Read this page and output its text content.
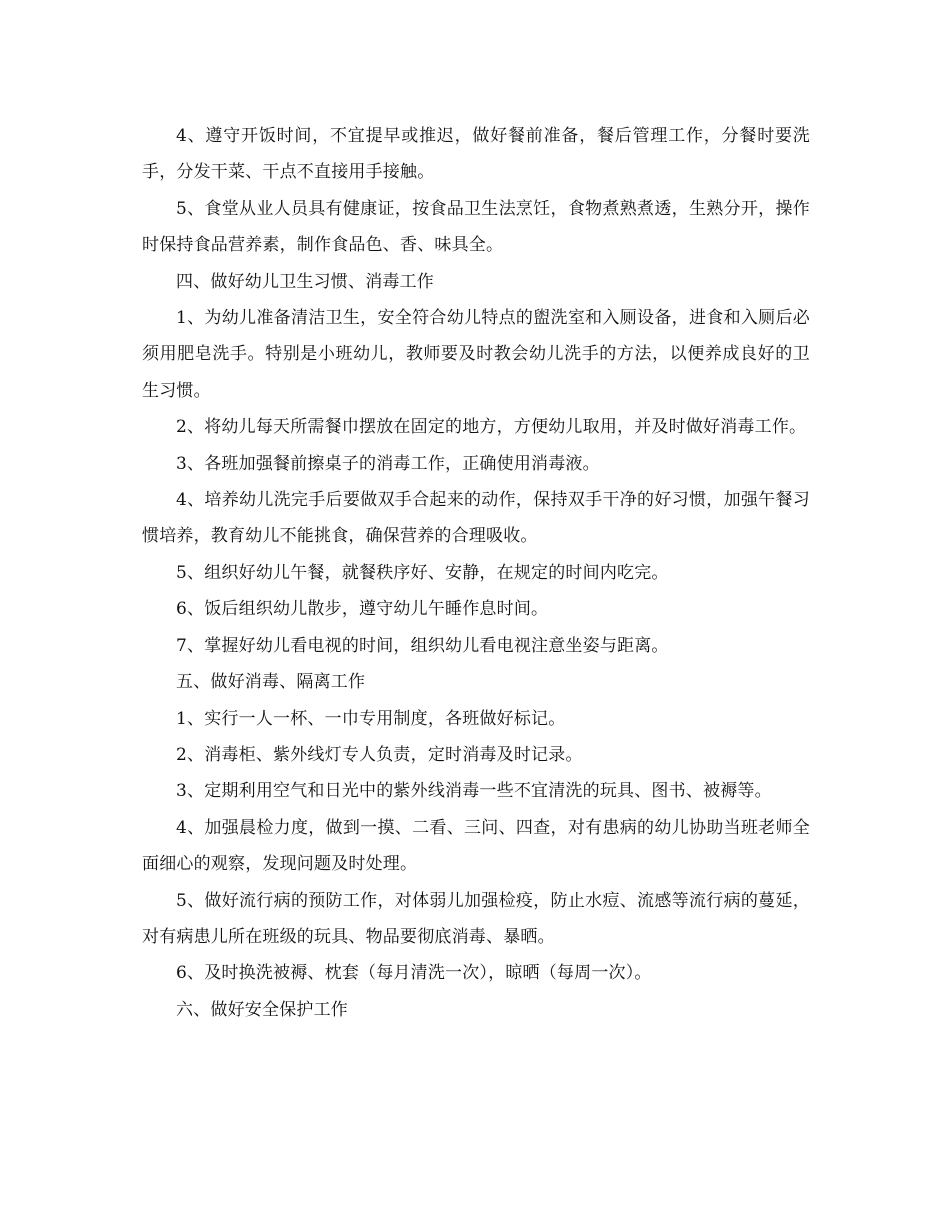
4、遵守开饭时间，不宜提早或推迟，做好餐前准备，餐后管理工作，分餐时要洗手，分发干菜、干点不直接用手接触。

5、食堂从业人员具有健康证，按食品卫生法烹饪，食物煮熟煮透，生熟分开，操作时保持食品营养素，制作食品色、香、味具全。

四、做好幼儿卫生习惯、消毒工作

1、为幼儿准备清洁卫生，安全符合幼儿特点的盥洗室和入厕设备，进食和入厕后必须用肥皂洗手。特别是小班幼儿，教师要及时教会幼儿洗手的方法，以便养成良好的卫生习惯。

2、将幼儿每天所需餐巾摆放在固定的地方，方便幼儿取用，并及时做好消毒工作。

3、各班加强餐前擦桌子的消毒工作，正确使用消毒液。

4、培养幼儿洗完手后要做双手合起来的动作，保持双手干净的好习惯，加强午餐习惯培养，教育幼儿不能挑食，确保营养的合理吸收。

5、组织好幼儿午餐，就餐秩序好、安静，在规定的时间内吃完。

6、饭后组织幼儿散步，遵守幼儿午睡作息时间。

7、掌握好幼儿看电视的时间，组织幼儿看电视注意坐姿与距离。

五、做好消毒、隔离工作

1、实行一人一杯、一巾专用制度，各班做好标记。

2、消毒柜、紫外线灯专人负责，定时消毒及时记录。

3、定期利用空气和日光中的紫外线消毒一些不宜清洗的玩具、图书、被褥等。

4、加强晨检力度，做到一摸、二看、三问、四查，对有患病的幼儿协助当班老师全面细心的观察，发现问题及时处理。

5、做好流行病的预防工作，对体弱儿加强检疫，防止水痘、流感等流行病的蔓延，对有病患儿所在班级的玩具、物品要彻底消毒、暴晒。

6、及时换洗被褥、枕套（每月清洗一次），晾晒（每周一次）。

六、做好安全保护工作
